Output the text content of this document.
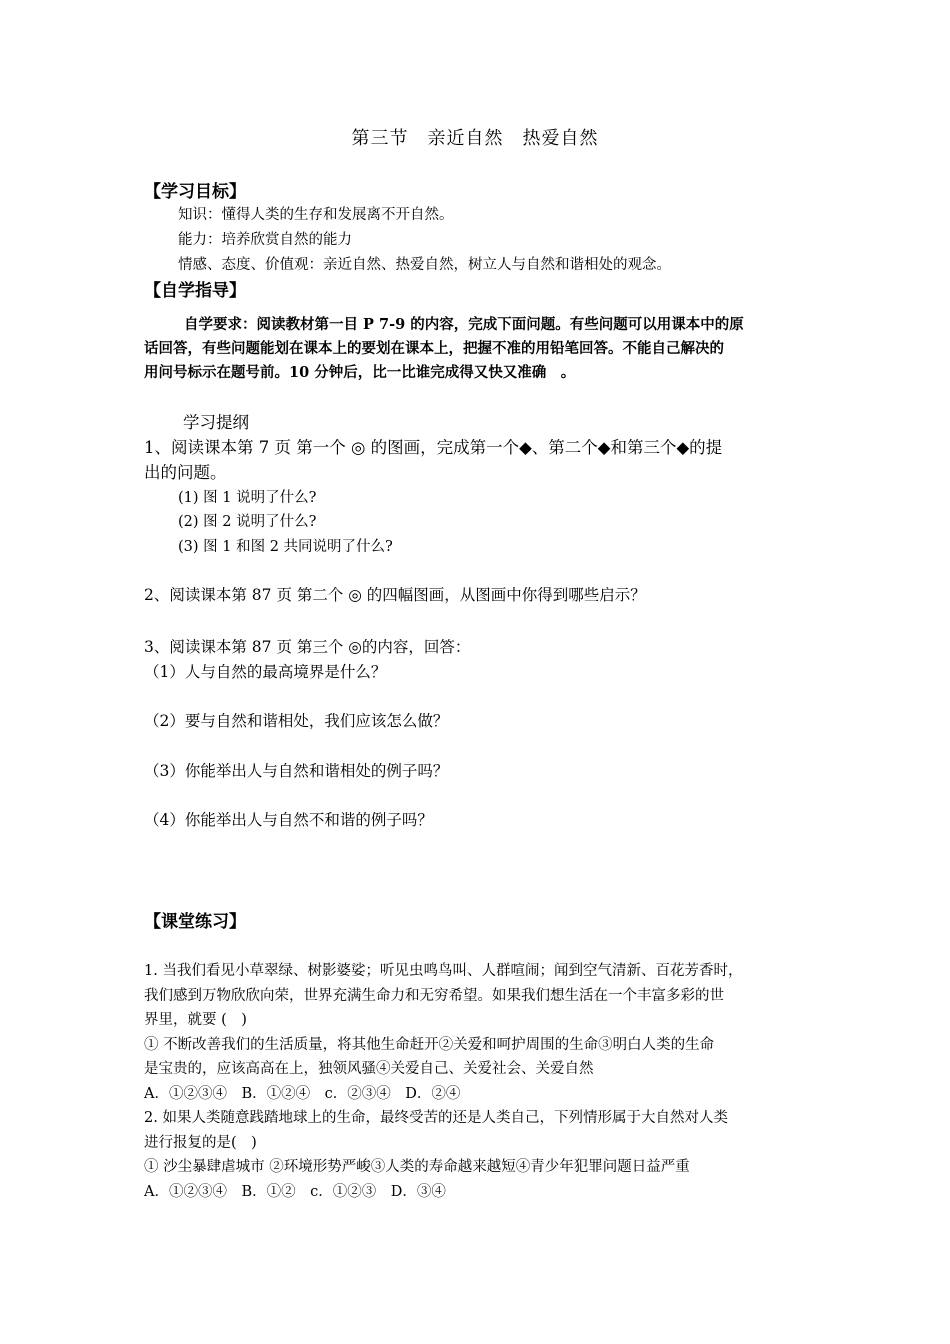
第三节　亲近自然　热爱自然
【学习目标】
知识：懂得人类的生存和发展离不开自然。
能力：培养欣赏自然的能力
情感、态度、价值观：亲近自然、热爱自然，树立人与自然和谐相处的观念。
【自学指导】
自学要求：阅读教材第一目 P 7-9 的内容，完成下面问题。有些问题可以用课本中的原
话回答，有些问题能划在课本上的要划在课本上，把握不准的用铅笔回答。不能自己解决的
用问号标示在题号前。10 分钟后，比一比谁完成得又快又准确　。
学习提纲
1、阅读课本第 7 页 第一个 ◎ 的图画，完成第一个◆、第二个◆和第三个◆的提
出的问题。
(1) 图 1 说明了什么?
(2) 图 2 说明了什么?
(3) 图 1 和图 2 共同说明了什么?
2、阅读课本第 87 页 第二个 ◎ 的四幅图画，从图画中你得到哪些启示？
3、阅读课本第 87 页 第三个 ◎的内容，回答：
（1）人与自然的最高境界是什么？
（2）要与自然和谐相处，我们应该怎么做？
（3）你能举出人与自然和谐相处的例子吗？
（4）你能举出人与自然不和谐的例子吗？
【课堂练习】
1. 当我们看见小草翠绿、树影婆娑；听见虫鸣鸟叫、人群喧闹；闻到空气清新、百花芳香时，
我们感到万物欣欣向荣，世界充满生命力和无穷希望。如果我们想生活在一个丰富多彩的世
界里，就要 (　)
① 不断改善我们的生活质量，将其他生命赶开②关爱和呵护周围的生命③明白人类的生命
是宝贵的，应该高高在上，独领风骚④关爱自己、关爱社会、关爱自然
A．①②③④　B．①②④　c．②③④　D．②④
2. 如果人类随意践踏地球上的生命，最终受苦的还是人类自己，下列情形属于大自然对人类
进行报复的是(　)
① 沙尘暴肆虐城市 ②环境形势严峻③人类的寿命越来越短④青少年犯罪问题日益严重
A．①②③④　B．①②　c．①②③　D．③④
